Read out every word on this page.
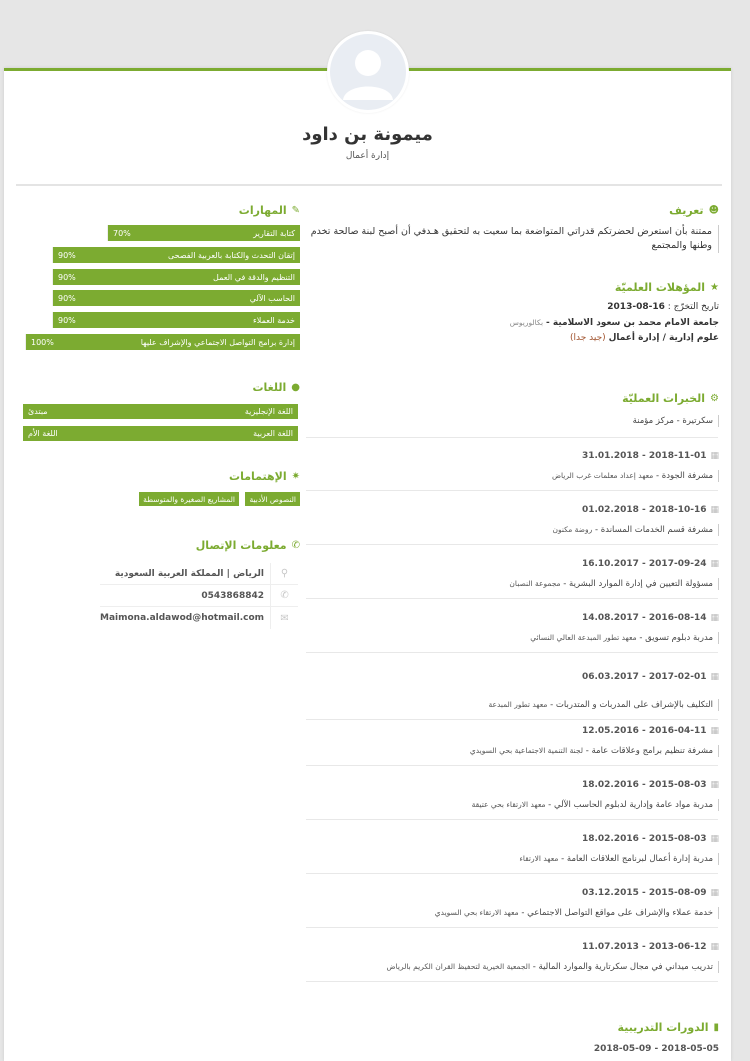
ميمونة بن داود
إدارة أعمال
☻
تعريف
ممتنة بأن استعرض لحضرتكم قدراتي المتواضعة بما سعيت به لتحقيق هـدفي أن أصبح لبنة صالحة تخدم وطنها والمجتمع
★
المؤهلات العلميّة
تاريخ التخرّج : 16-08-2013
جامعة الامام محمد بن سعود الاسلامية - بكالوريوس
علوم إدارية / إدارة أعمال (جيد جدا)
⚙
الخبرات العمليّة
سكرتيرة - مركز مؤمنة
▦
2018-11-01 - 31.01.2018
مشرفة الجودة - معهد إعداد معلمات غرب الرياض
▦
2018-10-16 - 01.02.2018
مشرفة قسم الخدمات المساندة - روضة مكنون
▦
2017-09-24 - 16.10.2017
مسؤولة التعيين في إدارة الموارد البشرية - مجموعة النصبان
▦
2016-08-14 - 14.08.2017
مدربة دبلوم تسويق - معهد تطور المبدعة العالي النسائي
▦
2017-02-01 - 06.03.2017
التكليف بالإشراف على المدربات و المتدربات - معهد تطور المبدعة
▦
2016-04-11 - 12.05.2016
مشرفة تنظيم برامج وعلاقات عامة - لجنة التنمية الاجتماعية بحي السويدي
▦
2015-08-03 - 18.02.2016
مدربة مواد عامة وإدارية لدبلوم الحاسب الآلي - معهد الارتقاء بحي عتيقة
▦
2015-08-03 - 18.02.2016
مدربة إدارة أعمال لبرنامج العلاقات العامة - معهد الارتقاء
▦
2015-08-09 - 03.12.2015
خدمة عملاء والإشراف على مواقع التواصل الاجتماعي - معهد الارتقاء بحي السويدي
▦
2013-06-12 - 11.07.2013
تدريب ميداني في مجال سكرتارية والموارد المالية - الجمعية الخيرية لتحفيظ القران الكريم بالرياض
▮
الدورات التدريبية
2018-05-05 - 2018-05-09
✎
المهارات
كتابة التقارير
70%
إتقان التحدث والكتابة بالعربية الفصحى
90%
التنظيم والدقة في العمل
90%
الحاسب الآلي
90%
خدمة العملاء
90%
إدارة برامج التواصل الاجتماعي والإشراف عليها
100%
●
اللغات
اللغة الإنجليزية
مبتدئ
اللغة العربية
اللغة الأم
✷
الإهتمامات
النصوص الأدبية
المشاريع الصغيرة والمتوسطة
✆
معلومات الإتصال
⚲
الرياض | المملكة العربية السعودية
✆
0543868842
✉
Maimona.aldawod@hotmail.com
